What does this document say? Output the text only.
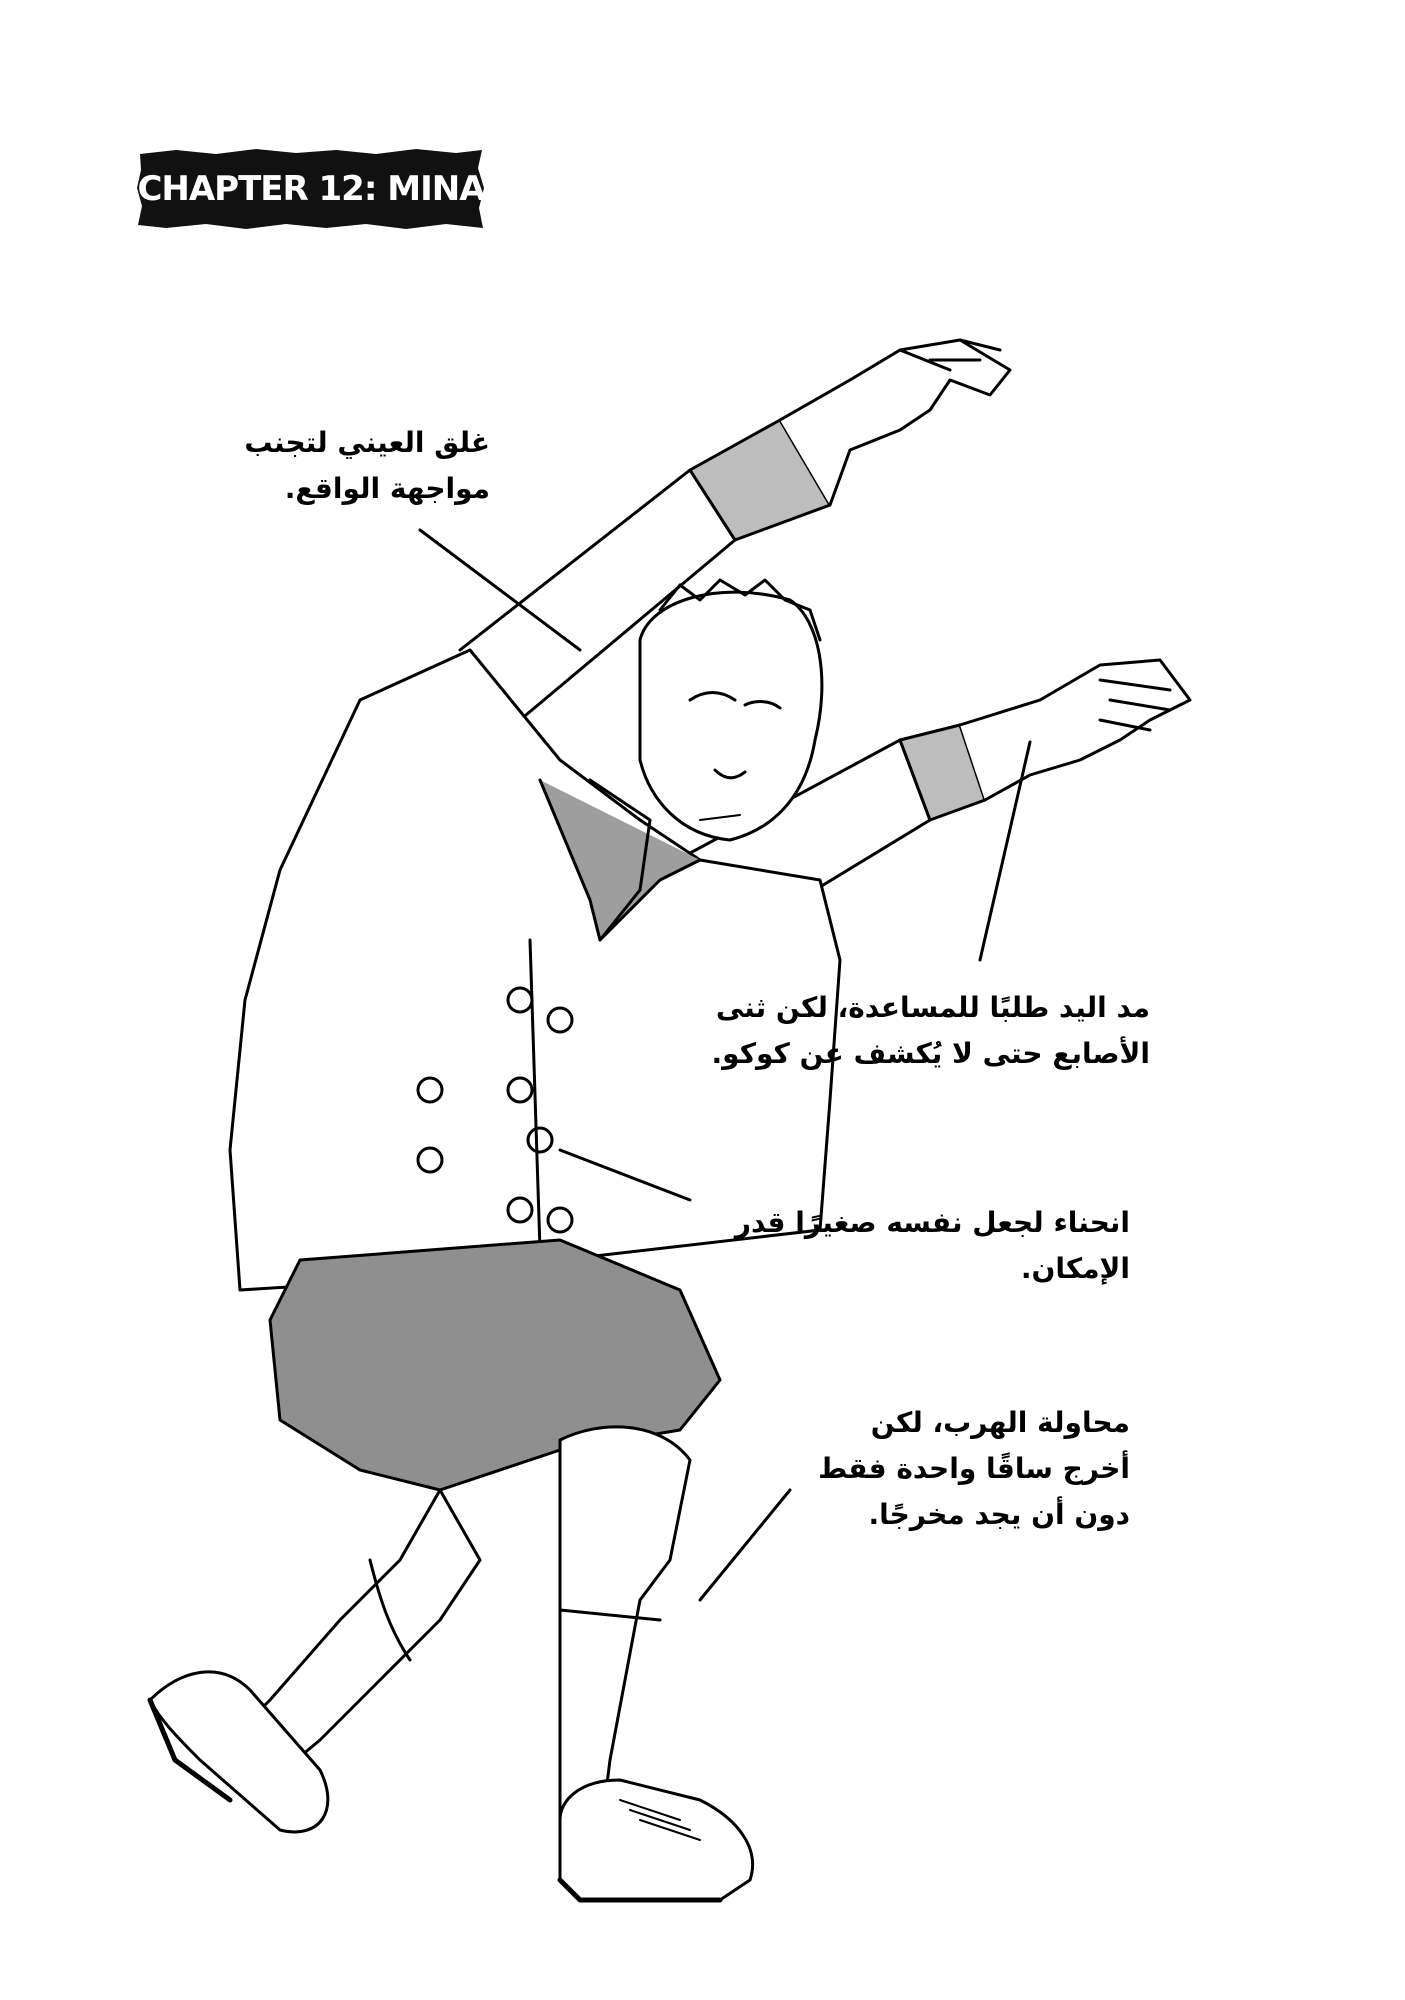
CHAPTER 12: MINA
غلق العيني لتجنب
مواجهة الواقع.
مد اليد طلبًا للمساعدة، لكن ثنى
الأصابع حتى لا يُكشف عن كوكو.
انحناء لجعل نفسه صغيرًا قدر
الإمكان.
محاولة الهرب، لكن
أخرج ساقًا واحدة فقط
دون أن يجد مخرجًا.
